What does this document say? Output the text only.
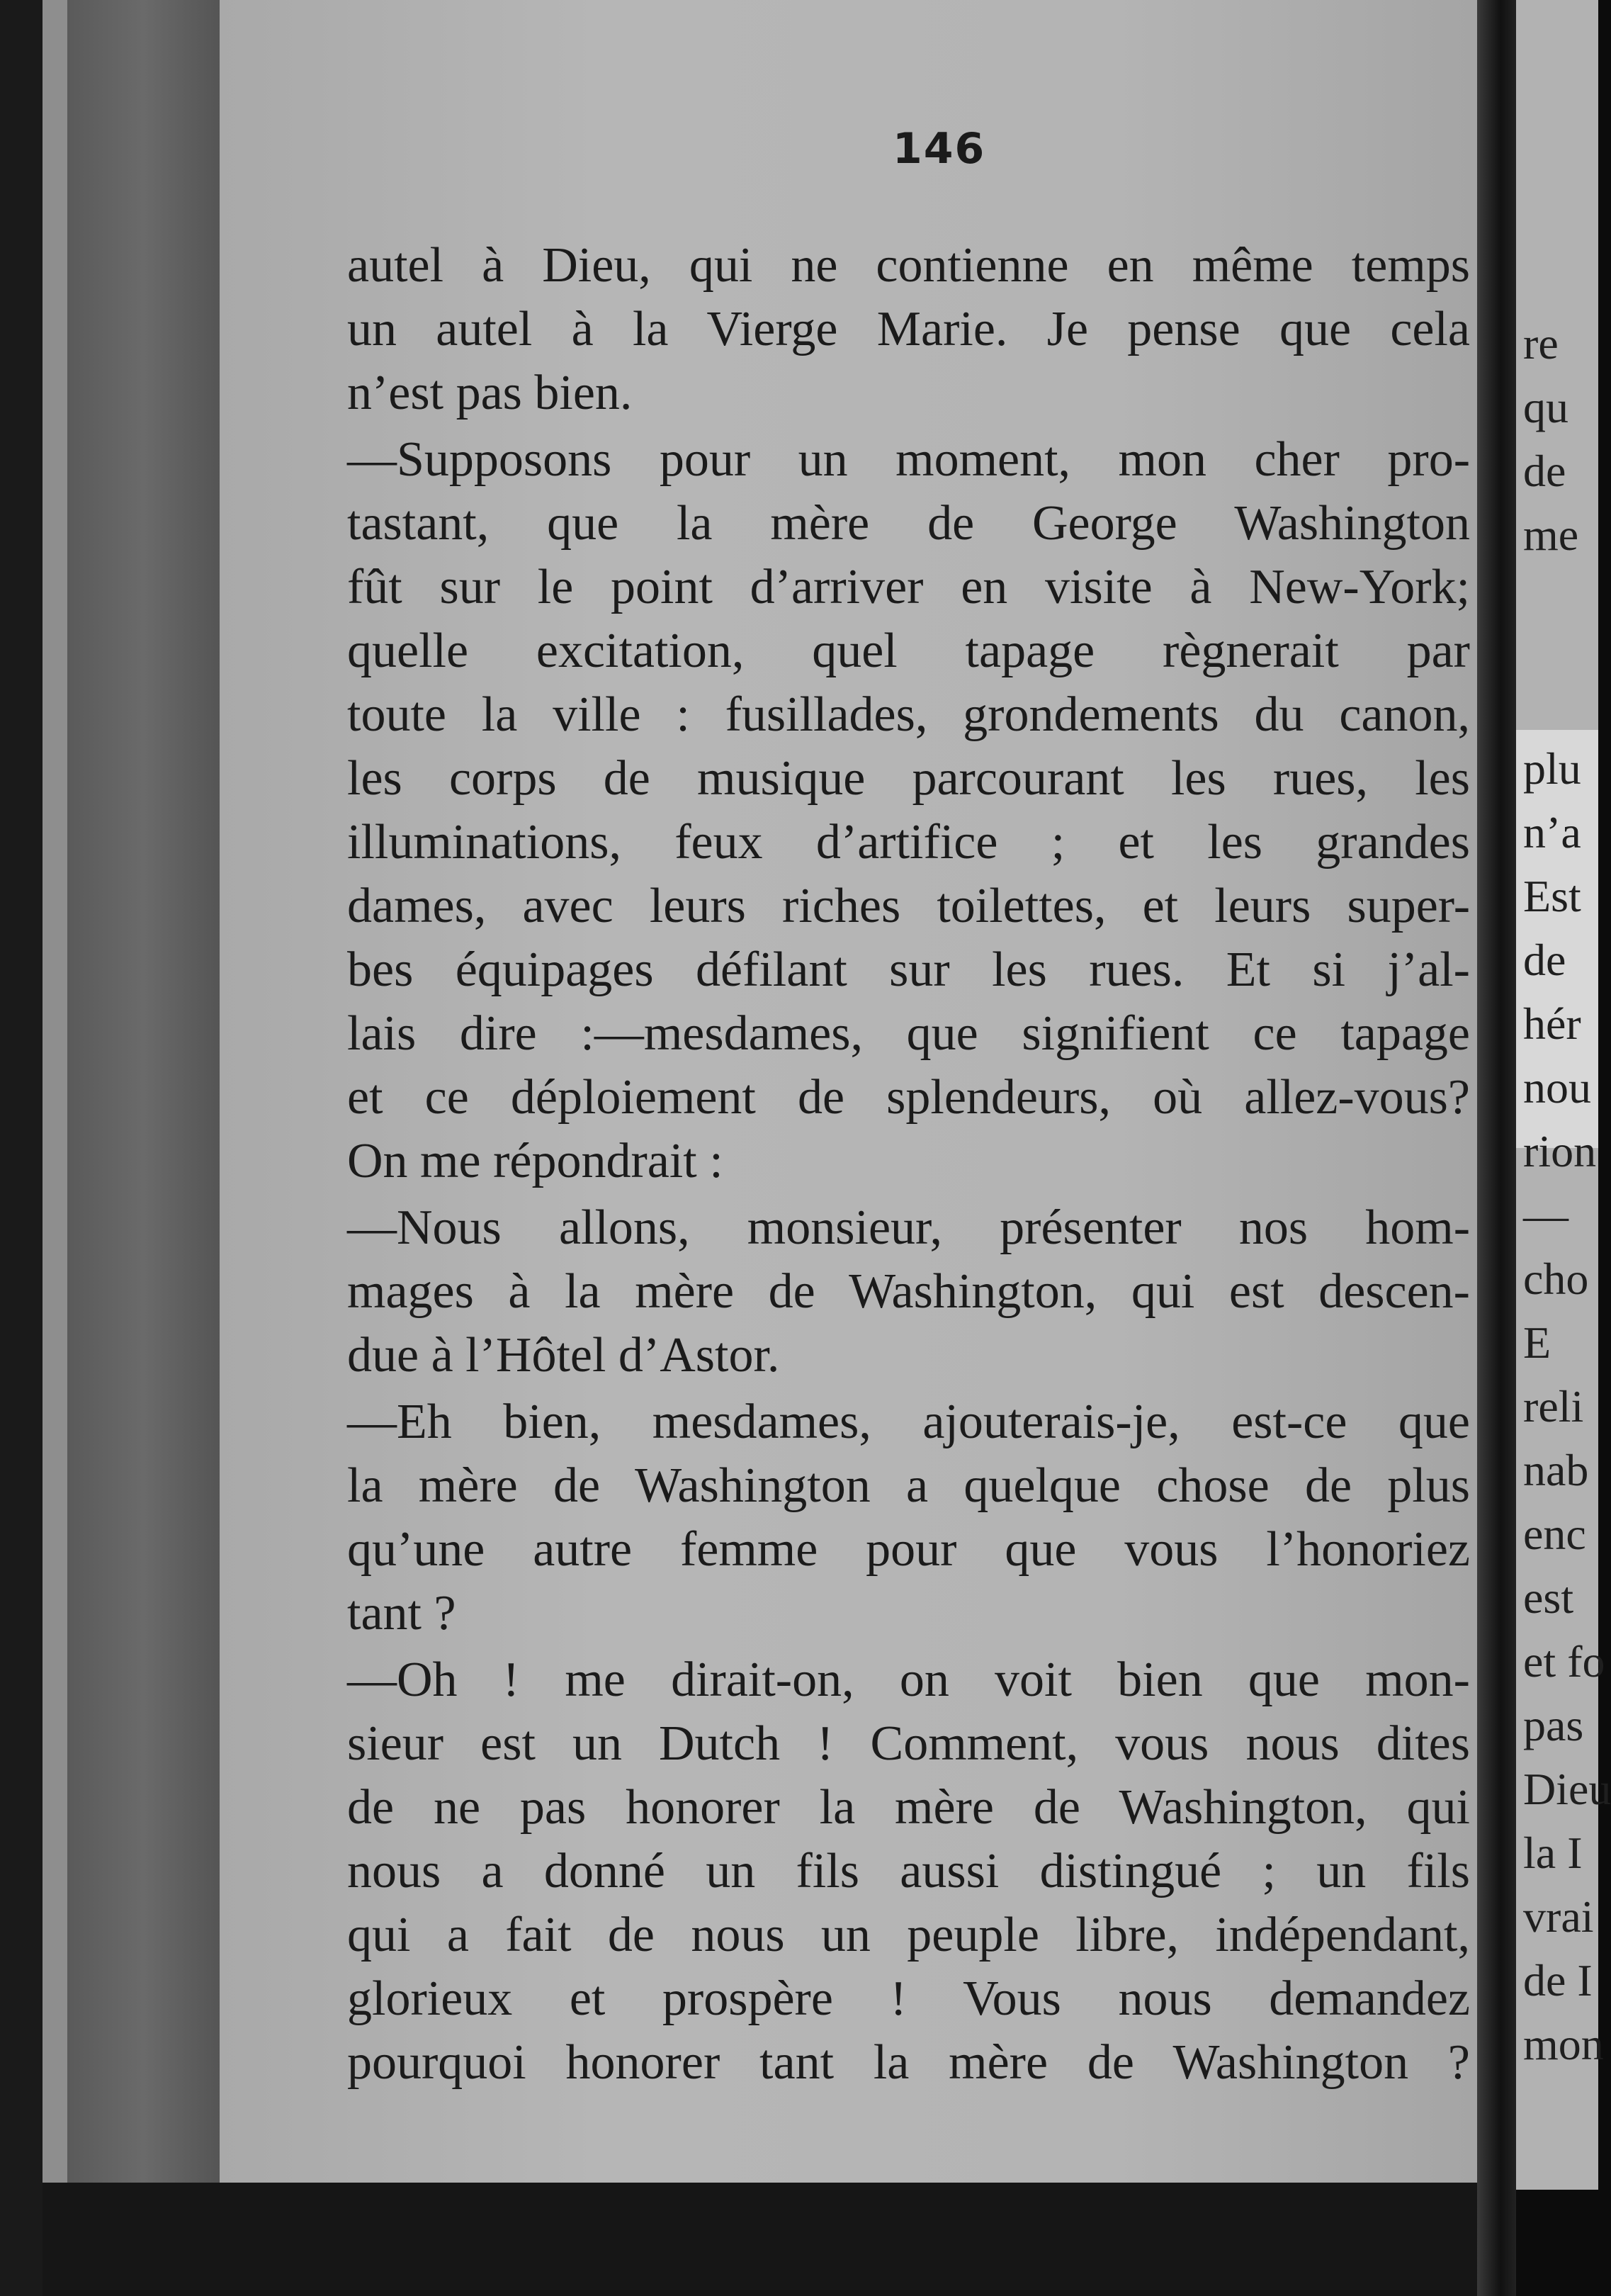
146

autel à Dieu, qui ne contienne en même temps
un autel à la Vierge Marie. Je pense que cela
n’est pas bien.
—Supposons pour un moment, mon cher pro-
tastant, que la mère de George Washington
fût sur le point d’arriver en visite à New-York;
quelle excitation, quel tapage règnerait par
toute la ville : fusillades, grondements du canon,
les corps de musique parcourant les rues, les
illuminations, feux d’artifice ; et les grandes
dames, avec leurs riches toilettes, et leurs super-
bes équipages défilant sur les rues. Et si j’al-
lais dire :—mesdames, que signifient ce tapage
et ce déploiement de splendeurs, où allez-vous?
On me répondrait :
—Nous allons, monsieur, présenter nos hom-
mages à la mère de Washington, qui est descen-
due à l’Hôtel d’Astor.
—Eh bien, mesdames, ajouterais-je, est-ce que
la mère de Washington a quelque chose de plus
qu’une autre femme pour que vous l’honoriez
tant ?
—Oh ! me dirait-on, on voit bien que mon-
sieur est un Dutch ! Comment, vous nous dites
de ne pas honorer la mère de Washington, qui
nous a donné un fils aussi distingué ; un fils
qui a fait de nous un peuple libre, indépendant,
glorieux et prospère ! Vous nous demandez
pourquoi honorer tant la mère de Washington ?
re
qu
de
me
plu
n’a
Est
de
hér
nou
rion
—
cho
E
reli
nab
enc
est
et fo
pas
Dieu
la I
vrai
de I
mon
